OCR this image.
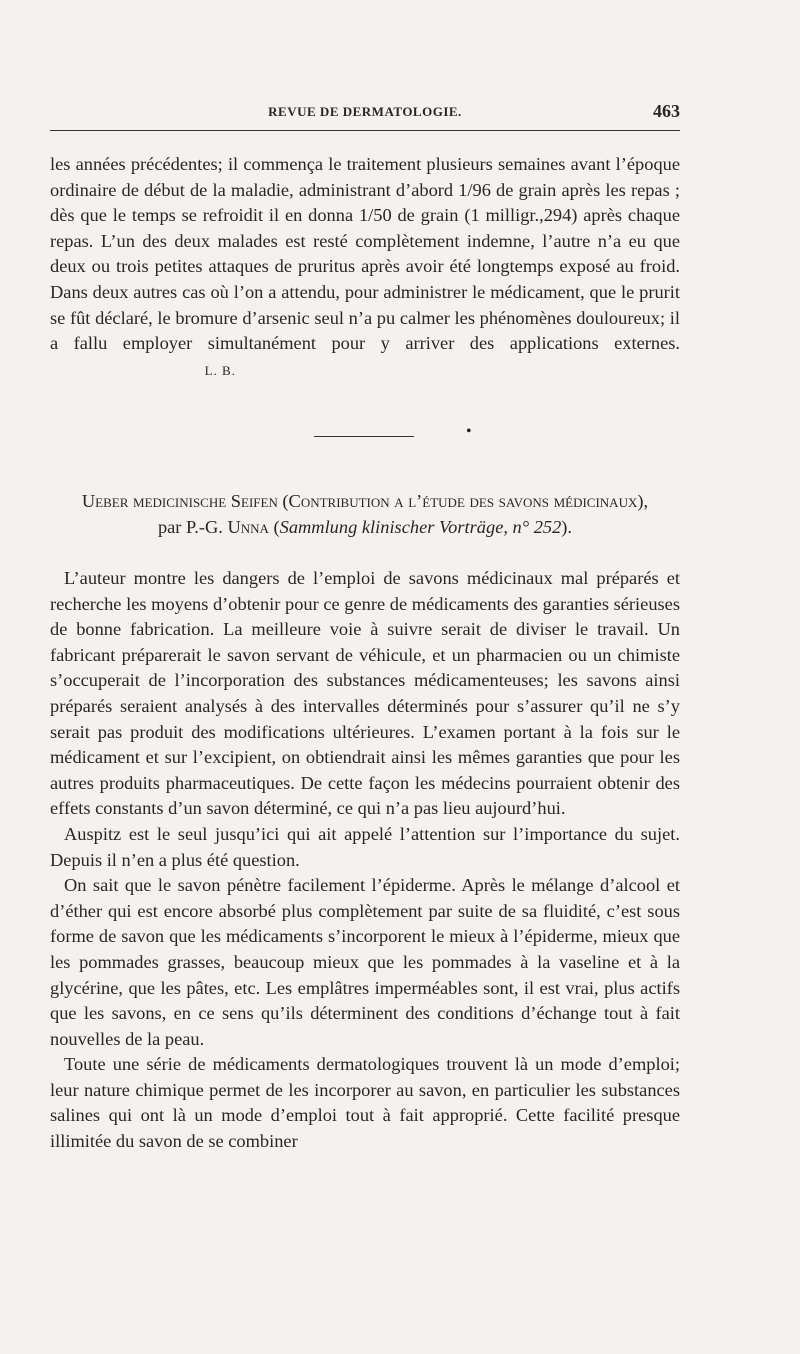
REVUE DE DERMATOLOGIE.	463
les années précédentes; il commença le traitement plusieurs semaines avant l’époque ordinaire de début de la maladie, administrant d’abord 1/96 de grain après les repas ; dès que le temps se refroidit il en donna 1/50 de grain (1 milligr.,294) après chaque repas. L’un des deux malades est resté complètement indemne, l’autre n’a eu que deux ou trois petites attaques de pruritus après avoir été longtemps exposé au froid. Dans deux autres cas où l’on a attendu, pour administrer le médicament, que le prurit se fût déclaré, le bromure d’arsenic seul n’a pu calmer les phénomènes douloureux; il a fallu employer simultanément pour y arriver des applications externes.  L. B.
•
Ueber medicinische Seifen (Contribution a l’étude des savons médicinaux),
par P.-G. Unna (Sammlung klinischer Vorträge, n° 252).

L’auteur montre les dangers de l’emploi de savons médicinaux mal préparés et recherche les moyens d’obtenir pour ce genre de médicaments des garanties sérieuses de bonne fabrication. La meilleure voie à suivre serait de diviser le travail. Un fabricant préparerait le savon servant de véhicule, et un pharmacien ou un chimiste s’occuperait de l’incorporation des substances médicamenteuses; les savons ainsi préparés seraient analysés à des intervalles déterminés pour s’assurer qu’il ne s’y serait pas produit des modifications ultérieures. L’examen portant à la fois sur le médicament et sur l’excipient, on obtiendrait ainsi les mêmes garanties que pour les autres produits pharmaceutiques. De cette façon les médecins pourraient obtenir des effets constants d’un savon déterminé, ce qui n’a pas lieu aujourd’hui.

Auspitz est le seul jusqu’ici qui ait appelé l’attention sur l’importance du sujet. Depuis il n’en a plus été question.

On sait que le savon pénètre facilement l’épiderme. Après le mélange d’alcool et d’éther qui est encore absorbé plus complètement par suite de sa fluidité, c’est sous forme de savon que les médicaments s’incorporent le mieux à l’épiderme, mieux que les pommades grasses, beaucoup mieux que les pommades à la vaseline et à la glycérine, que les pâtes, etc. Les emplâtres imperméables sont, il est vrai, plus actifs que les savons, en ce sens qu’ils déterminent des conditions d’échange tout à fait nouvelles de la peau.

Toute une série de médicaments dermatologiques trouvent là un mode d’emploi; leur nature chimique permet de les incorporer au savon, en particulier les substances salines qui ont là un mode d’emploi tout à fait approprié. Cette facilité presque illimitée du savon de se combiner
